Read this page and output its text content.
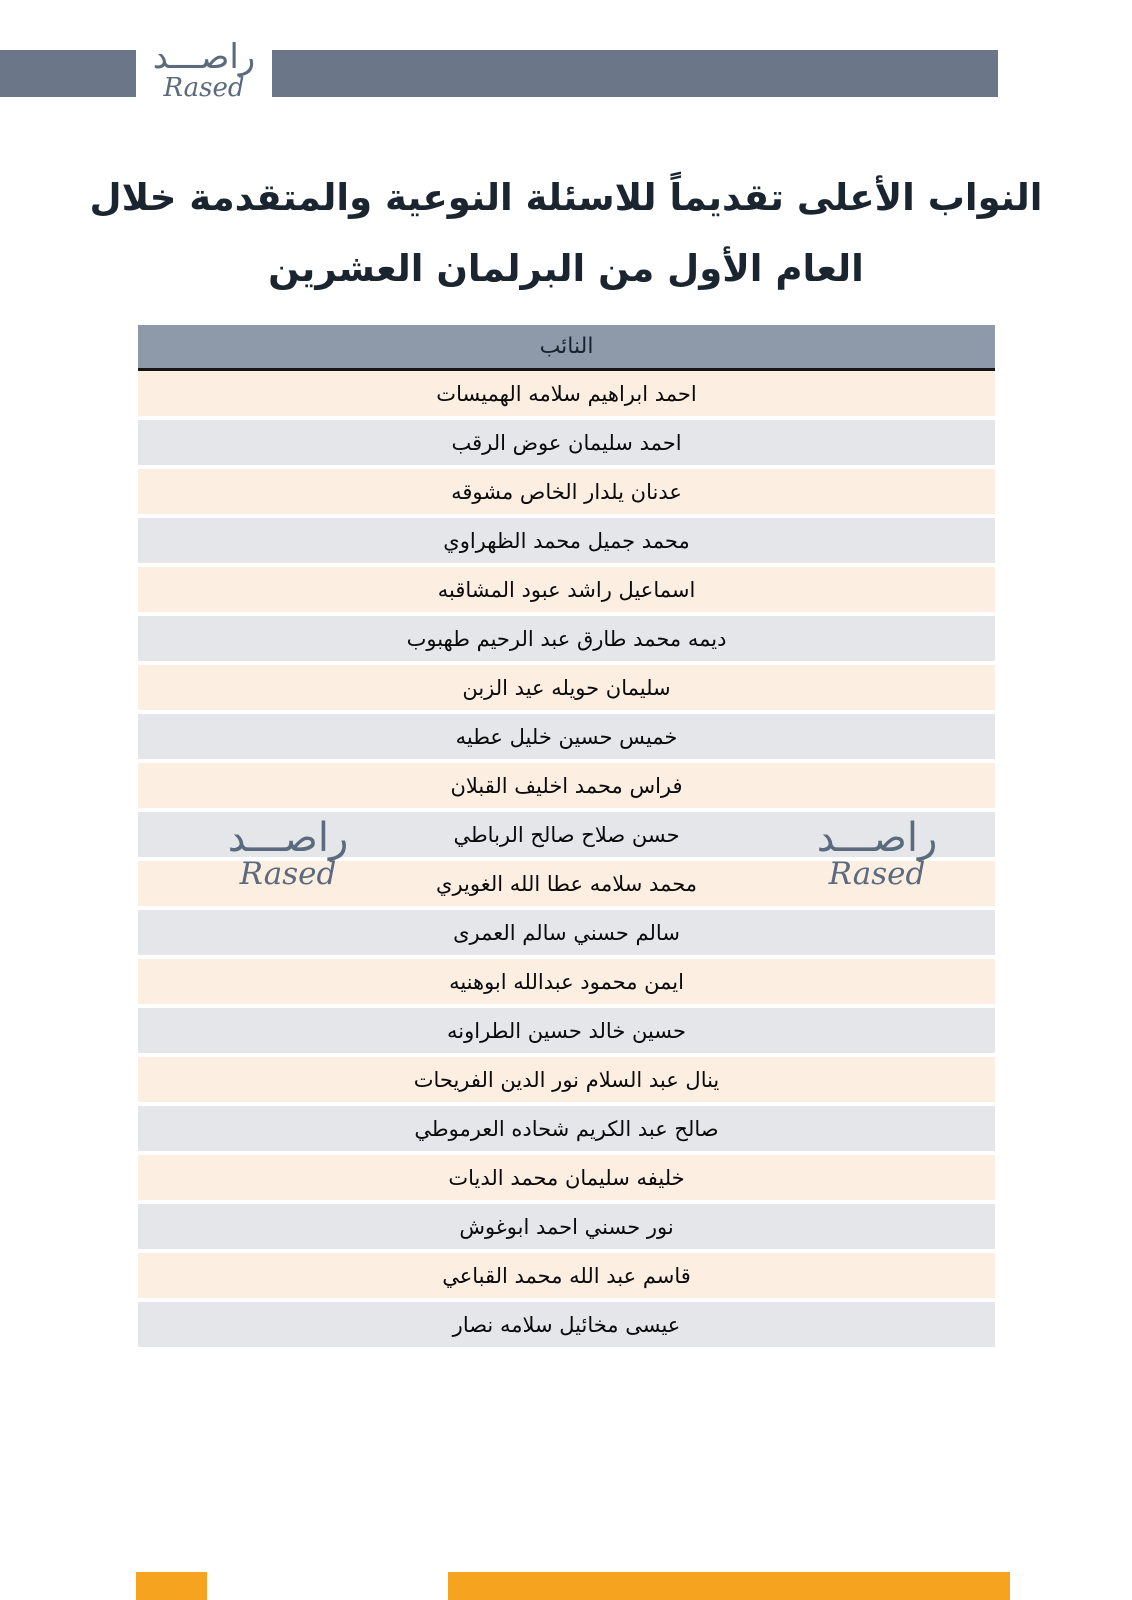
راصـــد
Rased
النواب الأعلى تقديماً للاسئلة النوعية والمتقدمة خلال
العام الأول من البرلمان العشرين
النائب
احمد ابراهيم سلامه الهميسات
احمد سليمان عوض الرقب
عدنان يلدار الخاص مشوقه
محمد جميل محمد الظهراوي
اسماعيل راشد عبود المشاقبه
ديمه محمد طارق عبد الرحيم طهبوب
سليمان حويله عيد الزبن
خميس حسين خليل عطيه
فراس محمد اخليف القبلان
حسن صلاح صالح الرباطي
محمد سلامه عطا الله الغويري
سالم حسني سالم العمرى
ايمن محمود عبدالله ابوهنيه
حسين خالد حسين الطراونه
ينال عبد السلام نور الدين الفريحات
صالح عبد الكريم شحاده العرموطي
خليفه سليمان محمد الديات
نور حسني احمد ابوغوش
قاسم عبد الله محمد القباعي
عيسى مخائيل سلامه نصار
راصـــد
Rased
راصـــد
Rased
